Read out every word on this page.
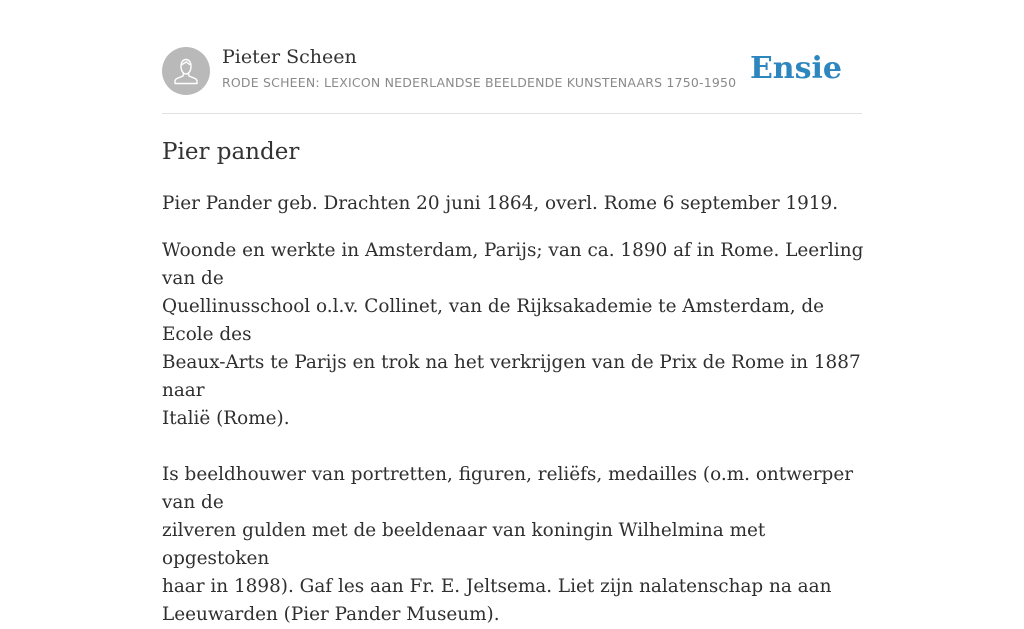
Pieter Scheen
RODE SCHEEN: LEXICON NEDERLANDSE BEELDENDE KUNSTENAARS 1750-1950 Ensie
Pier pander

Pier Pander geb. Drachten 20 juni 1864, overl. Rome 6 september 1919.

Woonde en werkte in Amsterdam, Parijs; van ca. 1890 af in Rome. Leerling van de
Quellinusschool o.l.v. Collinet, van de Rijksakademie te Amsterdam, de Ecole des
Beaux-Arts te Parijs en trok na het verkrijgen van de Prix de Rome in 1887 naar
Italië (Rome).

Is beeldhouwer van portretten, figuren, reliëfs, medailles (o.m. ontwerper van de
zilveren gulden met de beeldenaar van koningin Wilhelmina met opgestoken
haar in 1898). Gaf les aan Fr. E. Jeltsema. Liet zijn nalatenschap na aan
Leeuwarden (Pier Pander Museum).
